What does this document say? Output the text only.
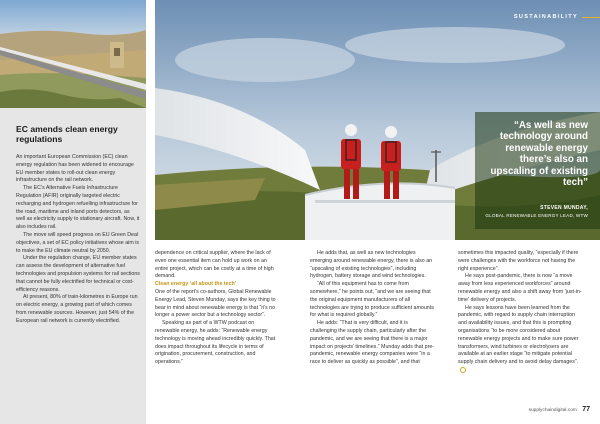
EC amends clean energy regulations

An important European Commission (EC) clean energy regulation has been widened to encourage EU member states to roll-out clean energy infrastructure on the rail network.

The EC’s Alternative Fuels Infrastructure Regulation (AFIR) originally targeted electric recharging and hydrogen refuelling infrastructure for the road, maritime and inland ports detectors, as well as electricity supply to stationary aircraft. Now, it also includes rail.

The move will speed progress on EU Green Deal objectives, a set of EC policy initiatives whose aim is to make the EU climate neutral by 2050.

Under the regulation change, EU member states can assess the development of alternative fuel technologies and propulsion systems for rail sections that cannot be fully electrified for technical or cost-efficiency reasons.

At present, 80% of train-kilometres in Europe run on electric energy, a growing part of which comes from renewable sources. However, just 54% of the European rail network is currently electrified.

SUSTAINABILITY
“As well as new technology around renewable energy there’s also an upscaling of existing tech”
STEVEN MUNDAY,
GLOBAL RENEWABLE ENERGY LEAD, WTW

dependence on critical supplier, where the lack of even one essential item can hold up work on an entire project, which can be costly at a time of high demand.

Clean energy ‘all about the tech’

One of the report’s co-authors, Global Renewable Energy Lead, Steven Munday, says the key thing to bear in mind about renewable energy is that “it’s no longer a power sector but a technology sector”.

Speaking as part of a WTW podcast on renewable energy, he adds: “Renewable energy technology is moving ahead incredibly quickly. That does impact throughout its lifecycle in terms of origination, procurement, construction, and operations.”

He adds that, as well as new technologies emerging around renewable energy, there is also an “upscaling of existing technologies”, including hydrogen, battery storage and wind technologies.

“All of this equipment has to come from somewhere,” he points out, “and we are seeing that the original equipment manufacturers of all technologies are trying to produce sufficient amounts for what is required globally.”

He adds: “That is very difficult, and it is challenging the supply chain, particularly after the pandemic, and we are seeing that there is a major impact on projects’ timelines.” Munday adds that pre-pandemic, renewable energy companies were “in a race to deliver as quickly as possible”, and that

sometimes this impacted quality, “especially if there were challenges with the workforce not having the right experience”.

He says post-pandemic, there is now “a move away from less experienced workforces” around renewable energy and also a shift away from ‘just-in-time’ delivery of projects.

He says lessons have been learned from the pandemic, with regard to supply chain interruption and availability issues, and that this is prompting organisations “to be more considered about renewable energy projects and to make sure power transformers, wind turbines or electrolysers are available at an earlier stage “to mitigate potential supply chain delivery and to avoid delay damages”.

supplychaindigital.com 77
